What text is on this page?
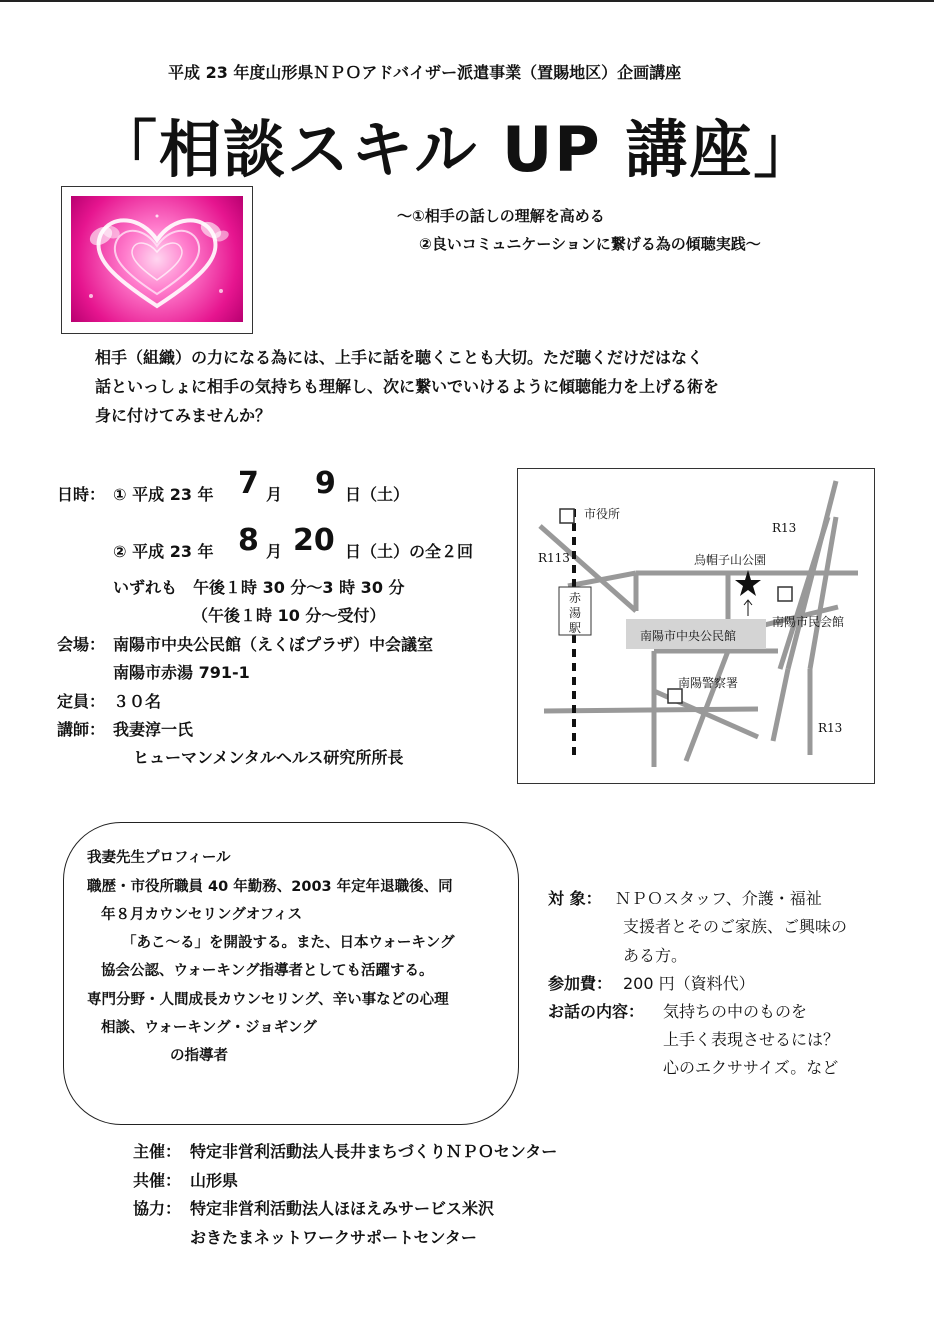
平成 23 年度山形県ＮＰＯアドバイザー派遣事業（置賜地区）企画講座
「相談スキル UP 講座」
～①相手の話しの理解を高める
②良いコミュニケーションに繋げる為の傾聴実践～
相手（組織）の力になる為には、上手に話を聴くことも大切。ただ聴くだけだはなく
話といっしょに相手の気持ちも理解し、次に繋いでいけるように傾聴能力を上げる術を
身に付けてみませんか？
日時： ① 平成 23 年 7 月 9 日（土）
② 平成 23 年 8 月 20 日（土）の全２回
いずれも　午後１時 30 分～3 時 30 分
（午後１時 10 分～受付）
会場： 南陽市中央公民館（えくぼプラザ）中会議室
南陽市赤湯 791-1
定員： ３０名
講師： 我妻淳一氏
ヒューマンメンタルヘルス研究所所長
市役所
R13
R113	烏帽子山公園
赤
湯
駅	南陽市民会館
南陽市中央公民館
南陽警察署
R13
我妻先生プロフィール
職歴・市役所職員 40 年勤務、2003 年定年退職後、同
年８月カウンセリングオフィス
「あこ～る」を開設する。また、日本ウォーキング
協会公認、ウォーキング指導者としても活躍する。
専門分野・人間成長カウンセリング、辛い事などの心理
相談、ウォーキング・ジョギング
の指導者
対 象： ＮＰＯスタッフ、介護・福祉
支援者とそのご家族、ご興味の
ある方。
参加費： 200 円（資料代）
お話の内容： 気持ちの中のものを
上手く表現させるには？
心のエクササイズ。など
主催： 特定非営利活動法人長井まちづくりＮＰＯセンター
共催： 山形県
協力： 特定非営利活動法人ほほえみサービス米沢
おきたまネットワークサポートセンター
